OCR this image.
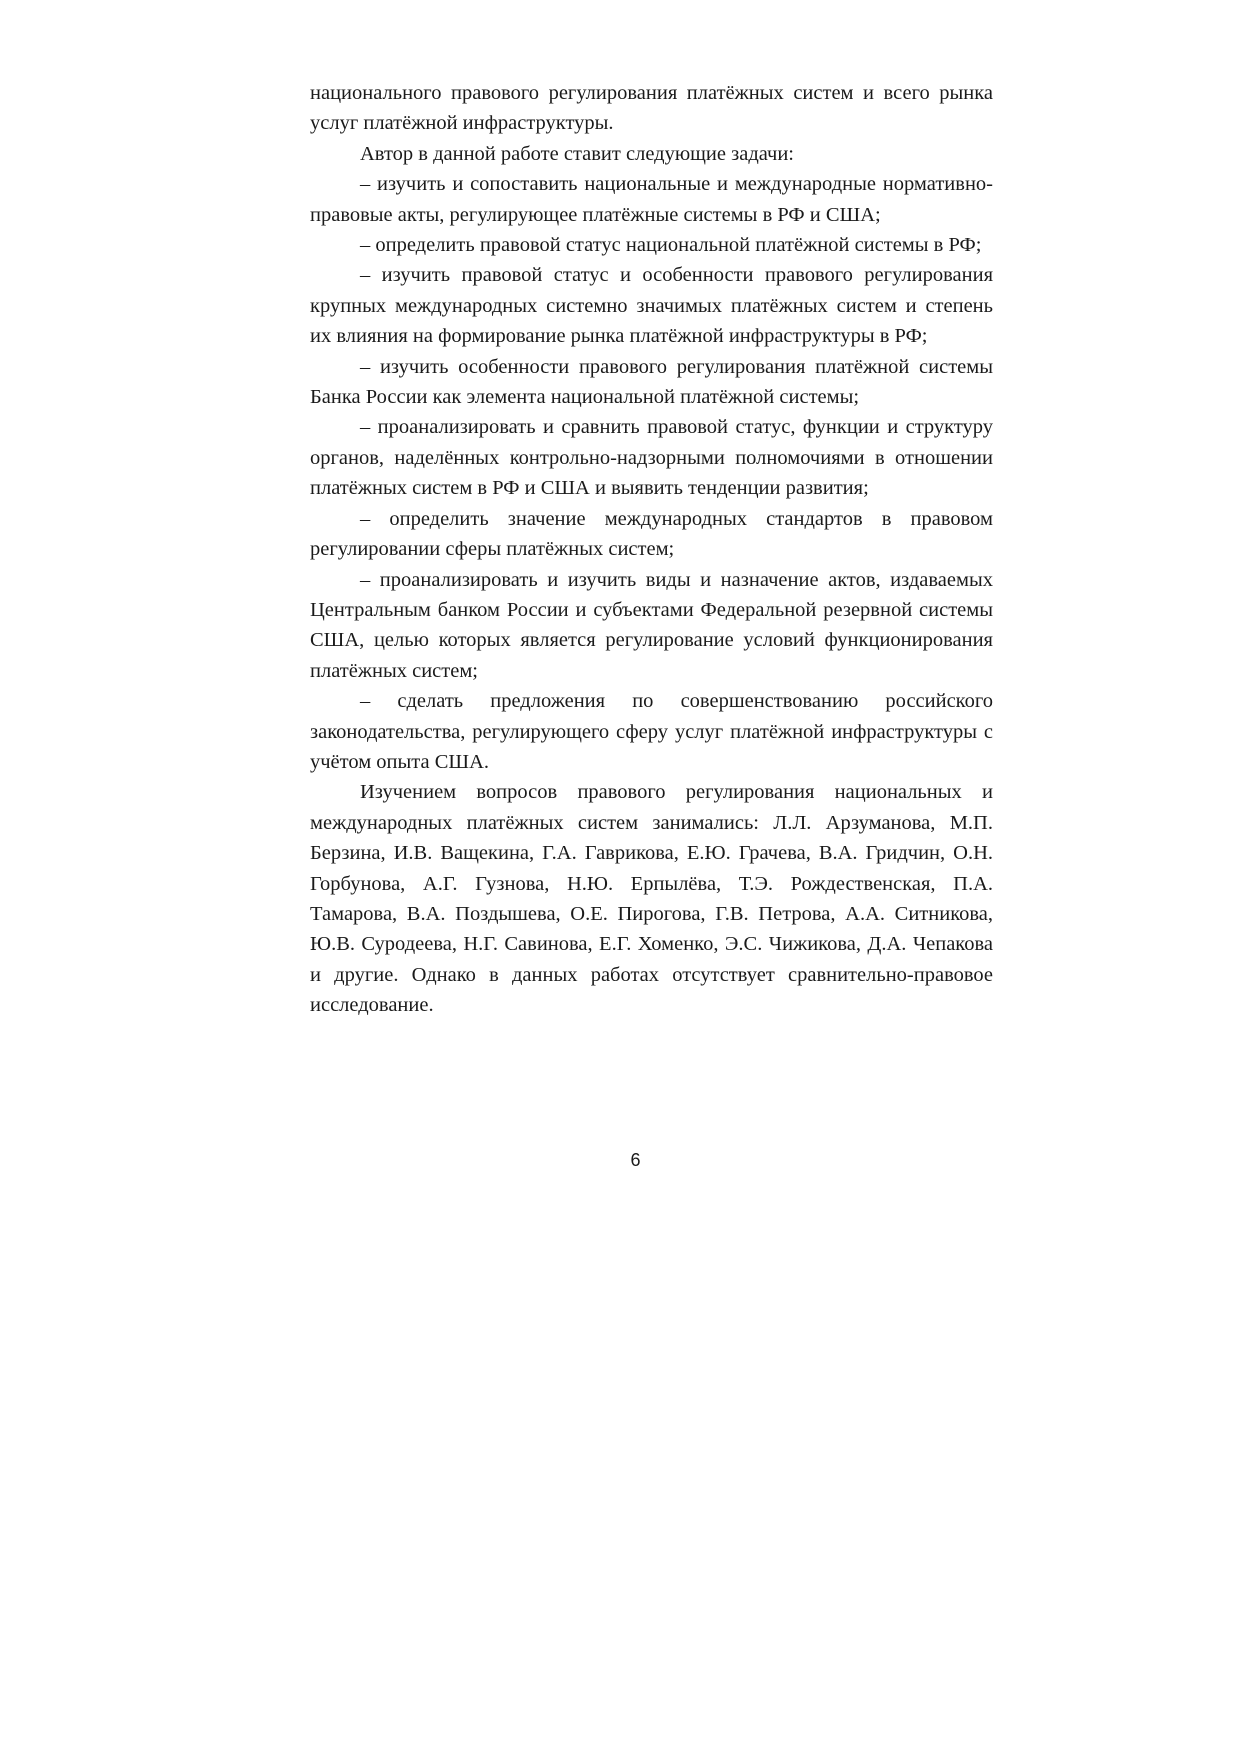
национального правового регулирования платёжных систем и всего рынка услуг платёжной инфраструктуры.

Автор в данной работе ставит следующие задачи:

– изучить и сопоставить национальные и международные нормативно-правовые акты, регулирующее платёжные системы в РФ и США;

– определить правовой статус национальной платёжной системы в РФ;

– изучить правовой статус и особенности правового регулирования крупных международных системно значимых платёжных систем и степень их влияния на формирование рынка платёжной инфраструктуры в РФ;

– изучить особенности правового регулирования платёжной системы Банка России как элемента национальной платёжной системы;

– проанализировать и сравнить правовой статус, функции и структуру органов, наделённых контрольно-надзорными полномочиями в отношении платёжных систем в РФ и США и выявить тенденции развития;

– определить значение международных стандартов в правовом регулировании сферы платёжных систем;

– проанализировать и изучить виды и назначение актов, издаваемых Центральным банком России и субъектами Федеральной резервной системы США, целью которых является регулирование условий функционирования платёжных систем;

– сделать предложения по совершенствованию российского законодательства, регулирующего сферу услуг платёжной инфраструктуры с учётом опыта США.

Изучением вопросов правового регулирования национальных и международных платёжных систем занимались: Л.Л. Арзуманова, М.П. Берзина, И.В. Ващекина, Г.А. Гаврикова, Е.Ю. Грачева, В.А. Гридчин, О.Н. Горбунова, А.Г. Гузнова, Н.Ю. Ерпылёва, Т.Э. Рождественская, П.А. Тамарова, В.А. Поздышева, О.Е. Пирогова, Г.В. Петрова, А.А. Ситникова, Ю.В. Суродеева, Н.Г. Савинова, Е.Г. Хоменко, Э.С. Чижикова, Д.А. Чепакова и другие. Однако в данных работах отсутствует сравнительно-правовое исследование.

6
